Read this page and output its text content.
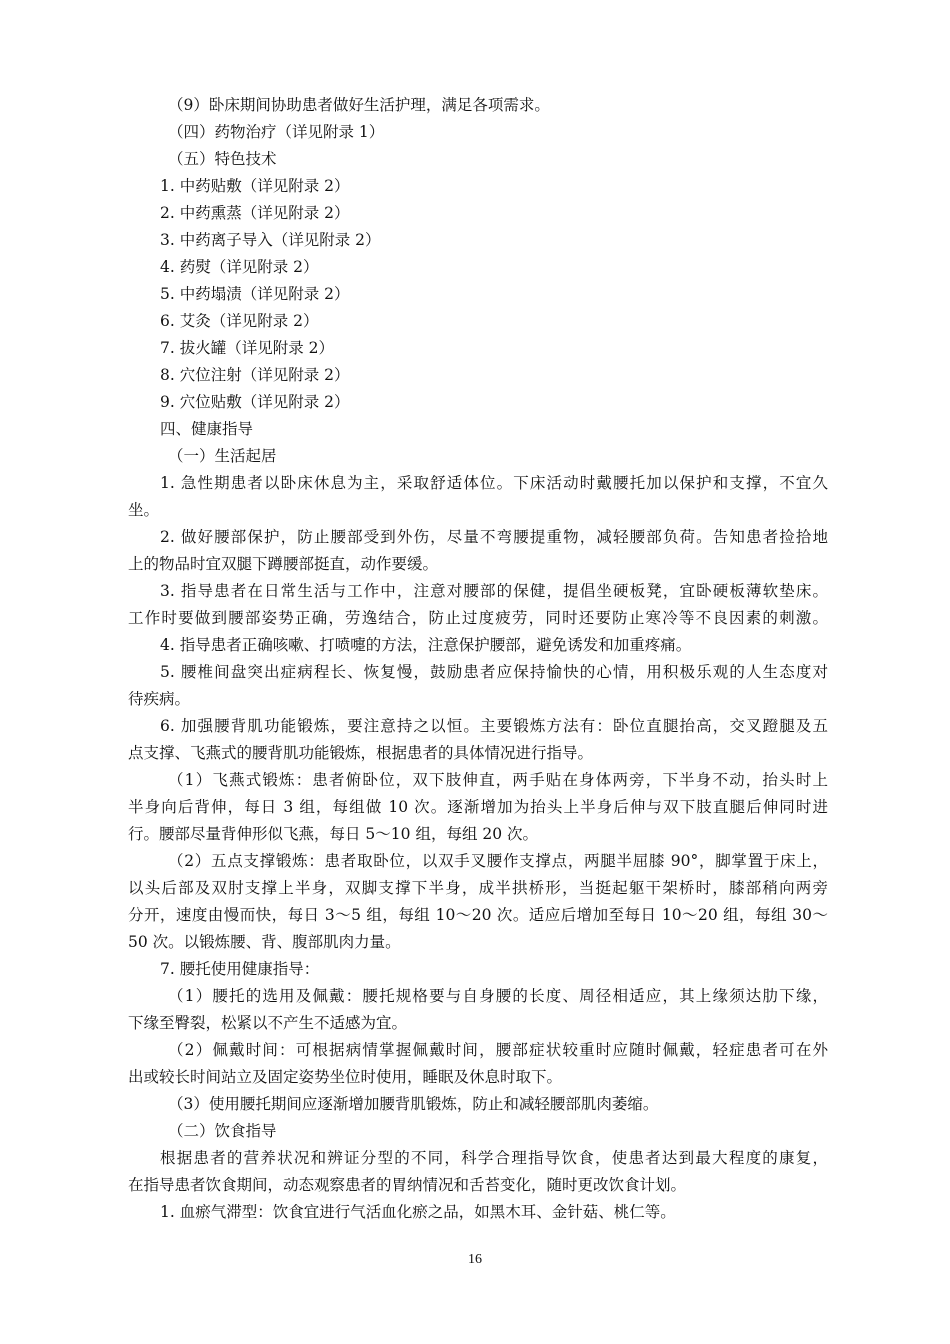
（9）卧床期间协助患者做好生活护理，满足各项需求。
（四）药物治疗（详见附录 1）
（五）特色技术
1. 中药贴敷（详见附录 2）
2. 中药熏蒸（详见附录 2）
3. 中药离子导入（详见附录 2）
4. 药熨（详见附录 2）
5. 中药塌渍（详见附录 2）
6. 艾灸（详见附录 2）
7. 拔火罐（详见附录 2）
8. 穴位注射（详见附录 2）
9. 穴位贴敷（详见附录 2）
四、健康指导
（一）生活起居
1. 急性期患者以卧床休息为主，采取舒适体位。下床活动时戴腰托加以保护和支撑，不宜久
坐。
2. 做好腰部保护，防止腰部受到外伤，尽量不弯腰提重物，减轻腰部负荷。告知患者捡拾地
上的物品时宜双腿下蹲腰部挺直，动作要缓。
3. 指导患者在日常生活与工作中，注意对腰部的保健，提倡坐硬板凳，宜卧硬板薄软垫床。
工作时要做到腰部姿势正确，劳逸结合，防止过度疲劳，同时还要防止寒冷等不良因素的刺激。
4. 指导患者正确咳嗽、打喷嚏的方法，注意保护腰部，避免诱发和加重疼痛。
5. 腰椎间盘突出症病程长、恢复慢，鼓励患者应保持愉快的心情，用积极乐观的人生态度对
待疾病。
6. 加强腰背肌功能锻炼，要注意持之以恒。主要锻炼方法有：卧位直腿抬高，交叉蹬腿及五
点支撑、飞燕式的腰背肌功能锻炼，根据患者的具体情况进行指导。
（1）飞燕式锻炼：患者俯卧位，双下肢伸直，两手贴在身体两旁，下半身不动，抬头时上
半身向后背伸，每日 3 组，每组做 10 次。逐渐增加为抬头上半身后伸与双下肢直腿后伸同时进
行。腰部尽量背伸形似飞燕，每日 5～10 组，每组 20 次。
（2）五点支撑锻炼：患者取卧位，以双手叉腰作支撑点，两腿半屈膝 90°，脚掌置于床上，
以头后部及双肘支撑上半身，双脚支撑下半身，成半拱桥形，当挺起躯干架桥时，膝部稍向两旁
分开，速度由慢而快，每日 3～5 组，每组 10～20 次。适应后增加至每日 10～20 组，每组 30～
50 次。以锻炼腰、背、腹部肌肉力量。
7. 腰托使用健康指导：
（1）腰托的选用及佩戴：腰托规格要与自身腰的长度、周径相适应，其上缘须达肋下缘，
下缘至臀裂，松紧以不产生不适感为宜。
（2）佩戴时间：可根据病情掌握佩戴时间，腰部症状较重时应随时佩戴，轻症患者可在外
出或较长时间站立及固定姿势坐位时使用，睡眠及休息时取下。
（3）使用腰托期间应逐渐增加腰背肌锻炼，防止和减轻腰部肌肉萎缩。
（二）饮食指导
根据患者的营养状况和辨证分型的不同，科学合理指导饮食，使患者达到最大程度的康复，
在指导患者饮食期间，动态观察患者的胃纳情况和舌苔变化，随时更改饮食计划。
1. 血瘀气滞型：饮食宜进行气活血化瘀之品，如黑木耳、金针菇、桃仁等。
16
